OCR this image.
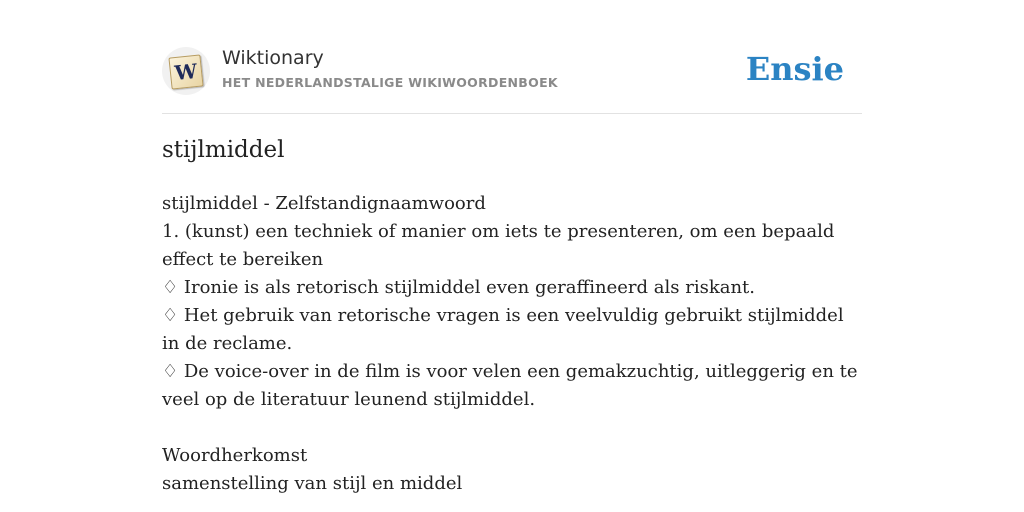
W
Wiktionary
HET NEDERLANDSTALIGE WIKIWOORDENBOEK	Ensie
stijlmiddel

stijlmiddel - Zelfstandignaamwoord

1. (kunst) een techniek of manier om iets te presenteren, om een bepaald effect te bereiken

♢ Ironie is als retorisch stijlmiddel even geraffineerd als riskant.

♢ Het gebruik van retorische vragen is een veelvuldig gebruikt stijlmiddel in de reclame.

♢ De voice-over in de film is voor velen een gemakzuchtig, uitleggerig en te veel op de literatuur leunend stijlmiddel.

Woordherkomst

samenstelling van stijl en middel
